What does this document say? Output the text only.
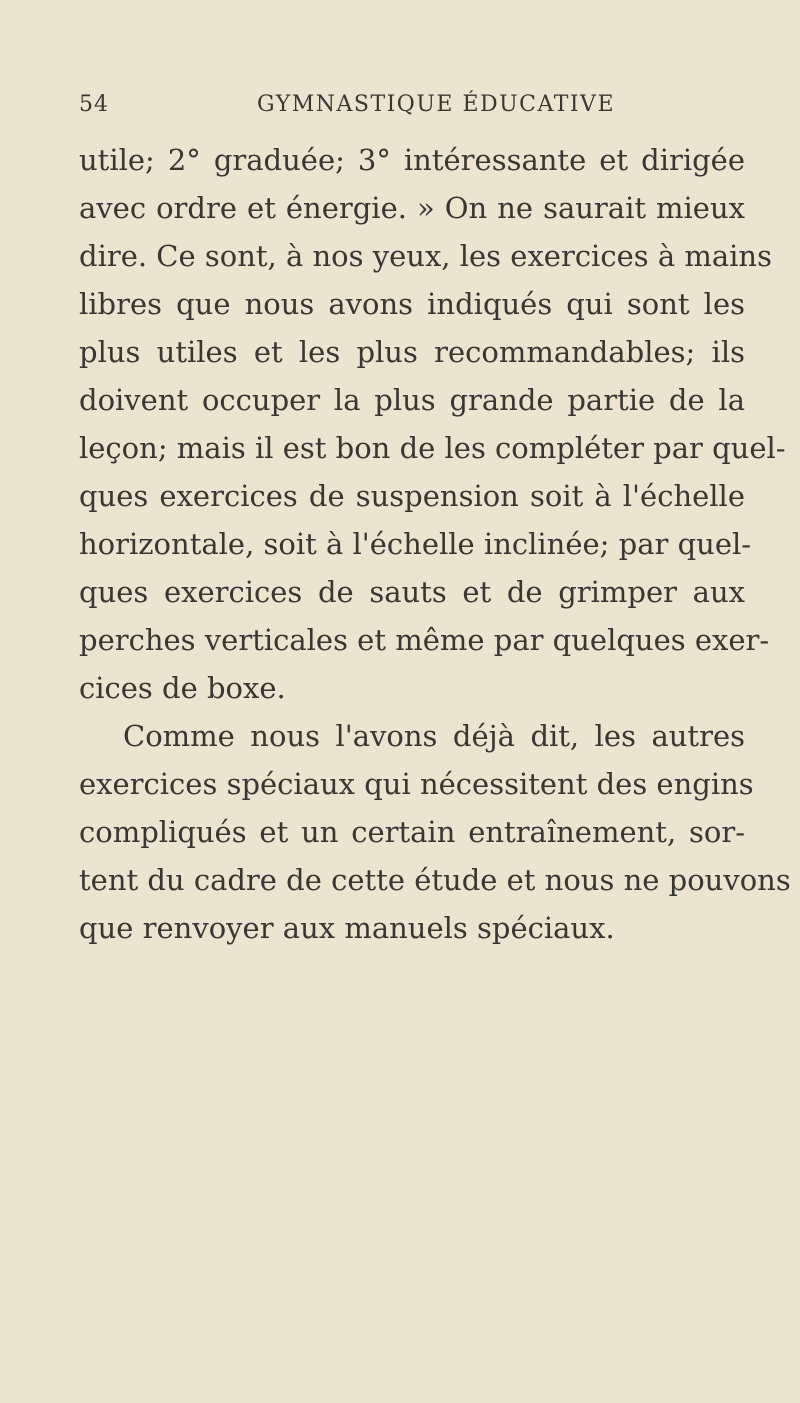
54	GYMNASTIQUE ÉDUCATIVE
utile; 2° graduée; 3° intéressante et dirigée
avec ordre et énergie. » On ne saurait mieux
dire. Ce sont, à nos yeux, les exercices à mains
libres que nous avons indiqués qui sont les
plus utiles et les plus recommandables; ils
doivent occuper la plus grande partie de la
leçon; mais il est bon de les compléter par quel-
ques exercices de suspension soit à l'échelle
horizontale, soit à l'échelle inclinée; par quel-
ques exercices de sauts et de grimper aux
perches verticales et même par quelques exer-
cices de boxe.
Comme nous l'avons déjà dit, les autres
exercices spéciaux qui nécessitent des engins
compliqués et un certain entraînement, sor-
tent du cadre de cette étude et nous ne pouvons
que renvoyer aux manuels spéciaux.
